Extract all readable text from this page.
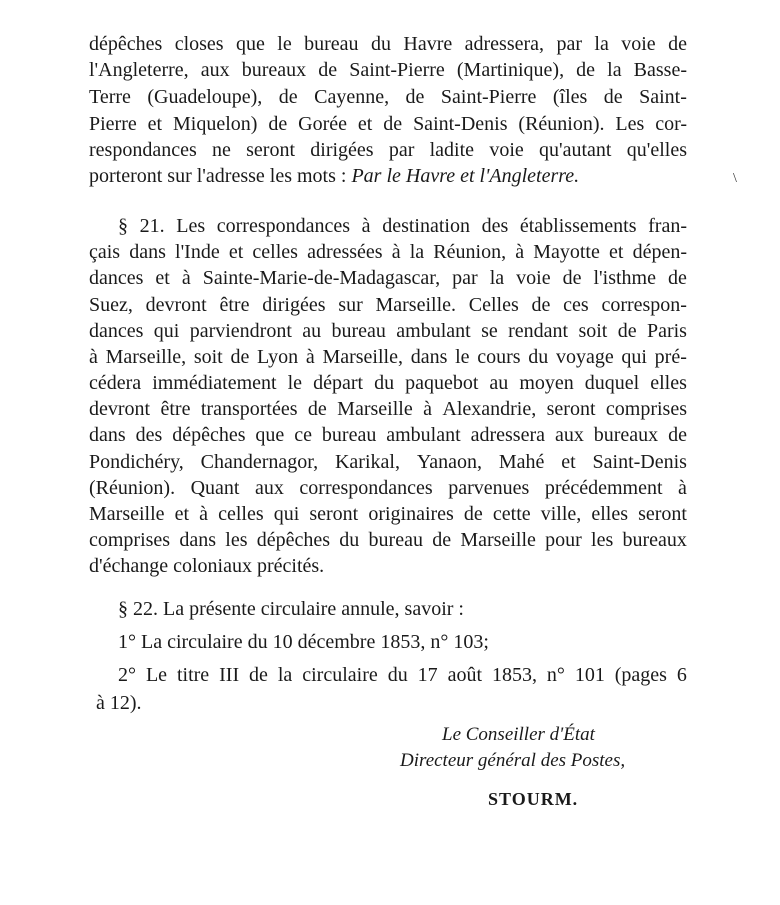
dépêches closes que le bureau du Havre adressera, par la voie de
l'Angleterre, aux bureaux de Saint-Pierre (Martinique), de la Basse-
Terre (Guadeloupe), de Cayenne, de Saint-Pierre (îles de Saint-
Pierre et Miquelon) de Gorée et de Saint-Denis (Réunion). Les cor-
respondances ne seront dirigées par ladite voie qu'autant qu'elles
porteront sur l'adresse les mots :
Par le Havre et l'Angleterre.	\
§ 21. Les correspondances à destination des établissements fran-
çais dans l'Inde et celles adressées à la Réunion, à Mayotte et dépen-
dances et à Sainte-Marie-de-Madagascar, par la voie de l'isthme de
Suez, devront être dirigées sur Marseille. Celles de ces correspon-
dances qui parviendront au bureau ambulant se rendant soit de Paris
à Marseille, soit de Lyon à Marseille, dans le cours du voyage qui pré-
cédera immédiatement le départ du paquebot au moyen duquel elles
devront être transportées de Marseille à Alexandrie, seront comprises
dans des dépêches que ce bureau ambulant adressera aux bureaux de
Pondichéry, Chandernagor, Karikal, Yanaon, Mahé et Saint-Denis
(Réunion). Quant aux correspondances parvenues précédemment à
Marseille et à celles qui seront originaires de cette ville, elles seront
comprises dans les dépêches du bureau de Marseille pour les bureaux
d'échange coloniaux précités.
§ 22. La présente circulaire annule, savoir :
1° La circulaire du 10 décembre 1853, n° 103;
2° Le titre III de la circulaire du 17 août 1853, n° 101 (pages 6
à 12).
Le Conseiller d'État
Directeur général des Postes,
STOURM.
